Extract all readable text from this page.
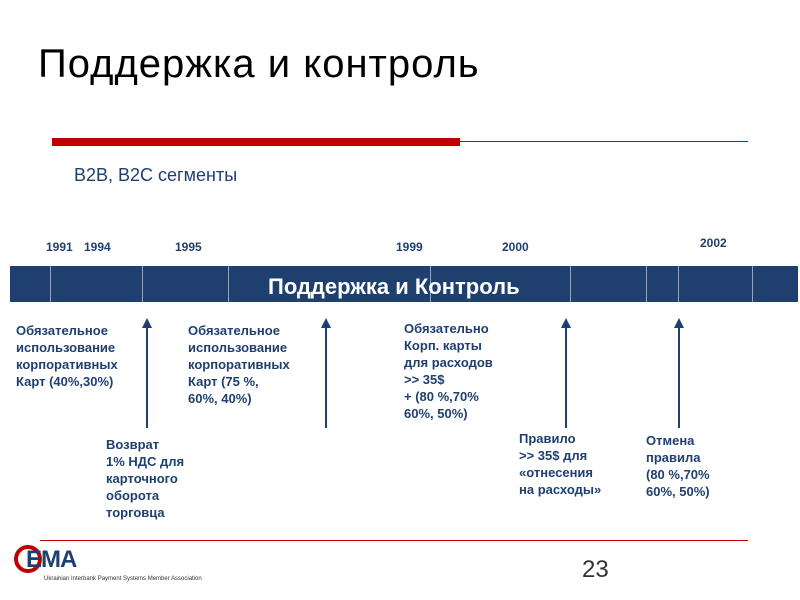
Поддержка и контроль
B2B, B2C сегменты
1991 1994	1995	1999	2000	2002
Поддержка и Контроль
Обязательное
использование
корпоративных
Карт (40%,30%)
Возврат
1% НДС для
карточного
оборота
торговца
Обязательное
использование
корпоративных
Карт (75 %,
60%, 40%)
Обязательно
Корп. карты
для расходов
>> 35$
+ (80 %,70%
60%, 50%)
Правило
>> 35$ для
«отнесения
на расходы»
Отмена
правила
(80 %,70%
60%, 50%)
23
EMA
Ukrainian Interbank Payment Systems Member Association
